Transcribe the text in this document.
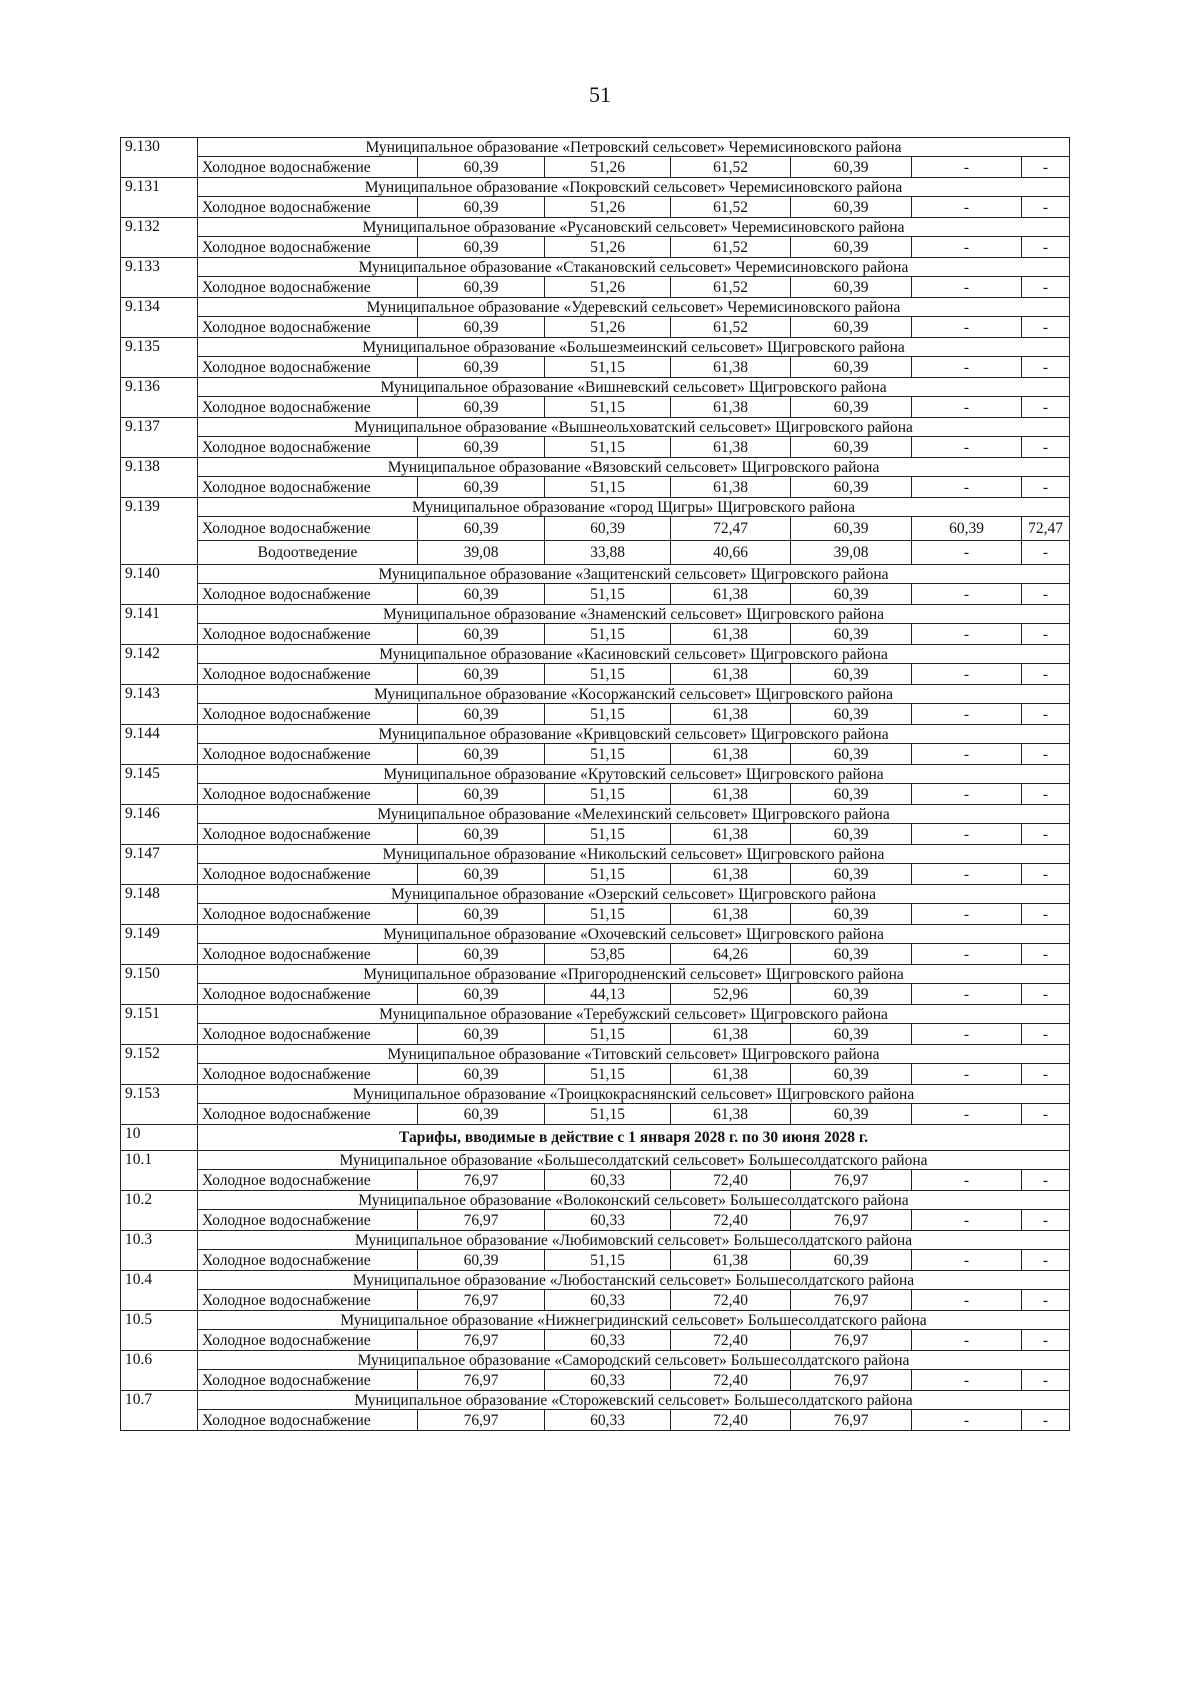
51
9.130	Муниципальное образование «Петровский сельсовет» Черемисиновского района						
	Холодное водоснабжение	60,39	51,26	61,52	60,39	-	-
9.131	Муниципальное образование «Покровский сельсовет» Черемисиновского района						
	Холодное водоснабжение	60,39	51,26	61,52	60,39	-	-
9.132	Муниципальное образование «Русановский сельсовет» Черемисиновского района						
	Холодное водоснабжение	60,39	51,26	61,52	60,39	-	-
9.133	Муниципальное образование «Стакановский сельсовет» Черемисиновского района						
	Холодное водоснабжение	60,39	51,26	61,52	60,39	-	-
9.134	Муниципальное образование «Удеревский сельсовет» Черемисиновского района						
	Холодное водоснабжение	60,39	51,26	61,52	60,39	-	-
9.135	Муниципальное образование «Большезмеинский сельсовет» Щигровского района						
	Холодное водоснабжение	60,39	51,15	61,38	60,39	-	-
9.136	Муниципальное образование «Вишневский сельсовет» Щигровского района						
	Холодное водоснабжение	60,39	51,15	61,38	60,39	-	-
9.137	Муниципальное образование «Вышнеольховатский сельсовет» Щигровского района						
	Холодное водоснабжение	60,39	51,15	61,38	60,39	-	-
9.138	Муниципальное образование «Вязовский сельсовет» Щигровского района						
	Холодное водоснабжение	60,39	51,15	61,38	60,39	-	-
9.139	Муниципальное образование «город Щигры» Щигровского района						
	Холодное водоснабжение	60,39	60,39	72,47	60,39	60,39	72,47
	Водоотведение	39,08	33,88	40,66	39,08	-	-
9.140	Муниципальное образование «Защитенский сельсовет» Щигровского района						
	Холодное водоснабжение	60,39	51,15	61,38	60,39	-	-
9.141	Муниципальное образование «Знаменский сельсовет» Щигровского района						
	Холодное водоснабжение	60,39	51,15	61,38	60,39	-	-
9.142	Муниципальное образование «Касиновский сельсовет» Щигровского района						
	Холодное водоснабжение	60,39	51,15	61,38	60,39	-	-
9.143	Муниципальное образование «Косоржанский сельсовет» Щигровского района						
	Холодное водоснабжение	60,39	51,15	61,38	60,39	-	-
9.144	Муниципальное образование «Кривцовский сельсовет» Щигровского района						
	Холодное водоснабжение	60,39	51,15	61,38	60,39	-	-
9.145	Муниципальное образование «Крутовский сельсовет» Щигровского района						
	Холодное водоснабжение	60,39	51,15	61,38	60,39	-	-
9.146	Муниципальное образование «Мелехинский сельсовет» Щигровского района						
	Холодное водоснабжение	60,39	51,15	61,38	60,39	-	-
9.147	Муниципальное образование «Никольский сельсовет» Щигровского района						
	Холодное водоснабжение	60,39	51,15	61,38	60,39	-	-
9.148	Муниципальное образование «Озерский сельсовет» Щигровского района						
	Холодное водоснабжение	60,39	51,15	61,38	60,39	-	-
9.149	Муниципальное образование «Охочевский сельсовет» Щигровского района						
	Холодное водоснабжение	60,39	53,85	64,26	60,39	-	-
9.150	Муниципальное образование «Пригородненский сельсовет» Щигровского района						
	Холодное водоснабжение	60,39	44,13	52,96	60,39	-	-
9.151	Муниципальное образование «Теребужский сельсовет» Щигровского района						
	Холодное водоснабжение	60,39	51,15	61,38	60,39	-	-
9.152	Муниципальное образование «Титовский сельсовет» Щигровского района						
	Холодное водоснабжение	60,39	51,15	61,38	60,39	-	-
9.153	Муниципальное образование «Троицкокраснянский сельсовет» Щигровского района						
	Холодное водоснабжение	60,39	51,15	61,38	60,39	-	-
10	Тарифы, вводимые в действие с 1 января 2028 г. по 30 июня 2028 г.						
10.1	Муниципальное образование «Большесолдатский сельсовет» Большесолдатского района						
	Холодное водоснабжение	76,97	60,33	72,40	76,97	-	-
10.2	Муниципальное образование «Волоконский сельсовет» Большесолдатского района						
	Холодное водоснабжение	76,97	60,33	72,40	76,97	-	-
10.3	Муниципальное образование «Любимовский сельсовет» Большесолдатского района						
	Холодное водоснабжение	60,39	51,15	61,38	60,39	-	-
10.4	Муниципальное образование «Любостанский сельсовет» Большесолдатского района						
	Холодное водоснабжение	76,97	60,33	72,40	76,97	-	-
10.5	Муниципальное образование «Нижнегридинский сельсовет» Большесолдатского района						
	Холодное водоснабжение	76,97	60,33	72,40	76,97	-	-
10.6	Муниципальное образование «Самородский сельсовет» Большесолдатского района						
	Холодное водоснабжение	76,97	60,33	72,40	76,97	-	-
10.7	Муниципальное образование «Сторожевский сельсовет» Большесолдатского района						
	Холодное водоснабжение	76,97	60,33	72,40	76,97	-	-
